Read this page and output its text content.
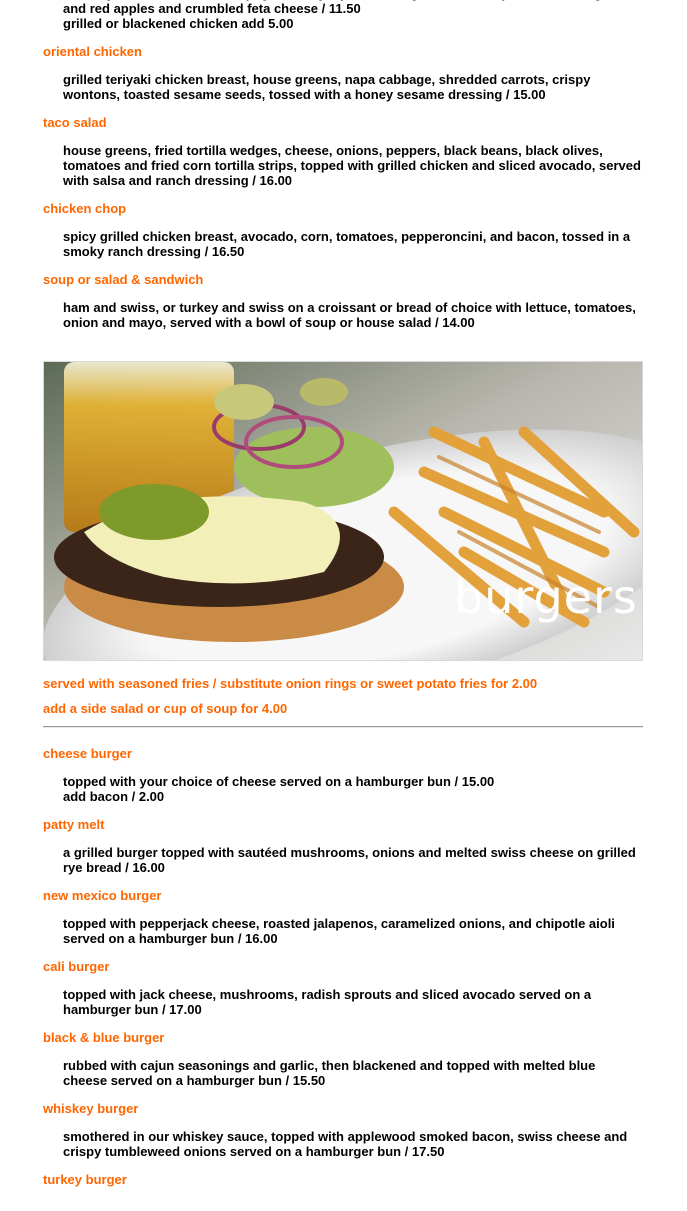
and red apples and crumbled feta cheese / 11.50
grilled or blackened chicken add 5.00
oriental chicken
grilled teriyaki chicken breast, house greens, napa cabbage, shredded carrots, crispy wontons, toasted sesame seeds, tossed with a honey sesame dressing / 15.00
taco salad
house greens, fried tortilla wedges, cheese, onions, peppers, black beans, black olives, tomatoes and fried corn tortilla strips, topped with grilled chicken and sliced avocado, served with salsa and ranch dressing / 16.00
chicken chop
spicy grilled chicken breast, avocado, corn, tomatoes, pepperoncini, and bacon, tossed in a smoky ranch dressing / 16.50
soup or salad & sandwich
ham and swiss, or turkey and swiss on a croissant or bread of choice with lettuce, tomatoes, onion and mayo, served with a bowl of soup or house salad / 14.00
burgers
served with seasoned fries / substitute onion rings or sweet potato fries for 2.00
add a side salad or cup of soup for 4.00
cheese burger
topped with your choice of cheese served on a hamburger bun / 15.00
add bacon / 2.00
patty melt
a grilled burger topped with sautéed mushrooms, onions and melted swiss cheese on grilled rye bread / 16.00
new mexico burger
topped with pepperjack cheese, roasted jalapenos, caramelized onions, and chipotle aioli served on a hamburger bun / 16.00
cali burger
topped with jack cheese, mushrooms, radish sprouts and sliced avocado served on a hamburger bun / 17.00
black & blue burger
rubbed with cajun seasonings and garlic, then blackened and topped with melted blue cheese served on a hamburger bun / 15.50
whiskey burger
smothered in our whiskey sauce, topped with applewood smoked bacon, swiss cheese and crispy tumbleweed onions served on a hamburger bun / 17.50
turkey burger
